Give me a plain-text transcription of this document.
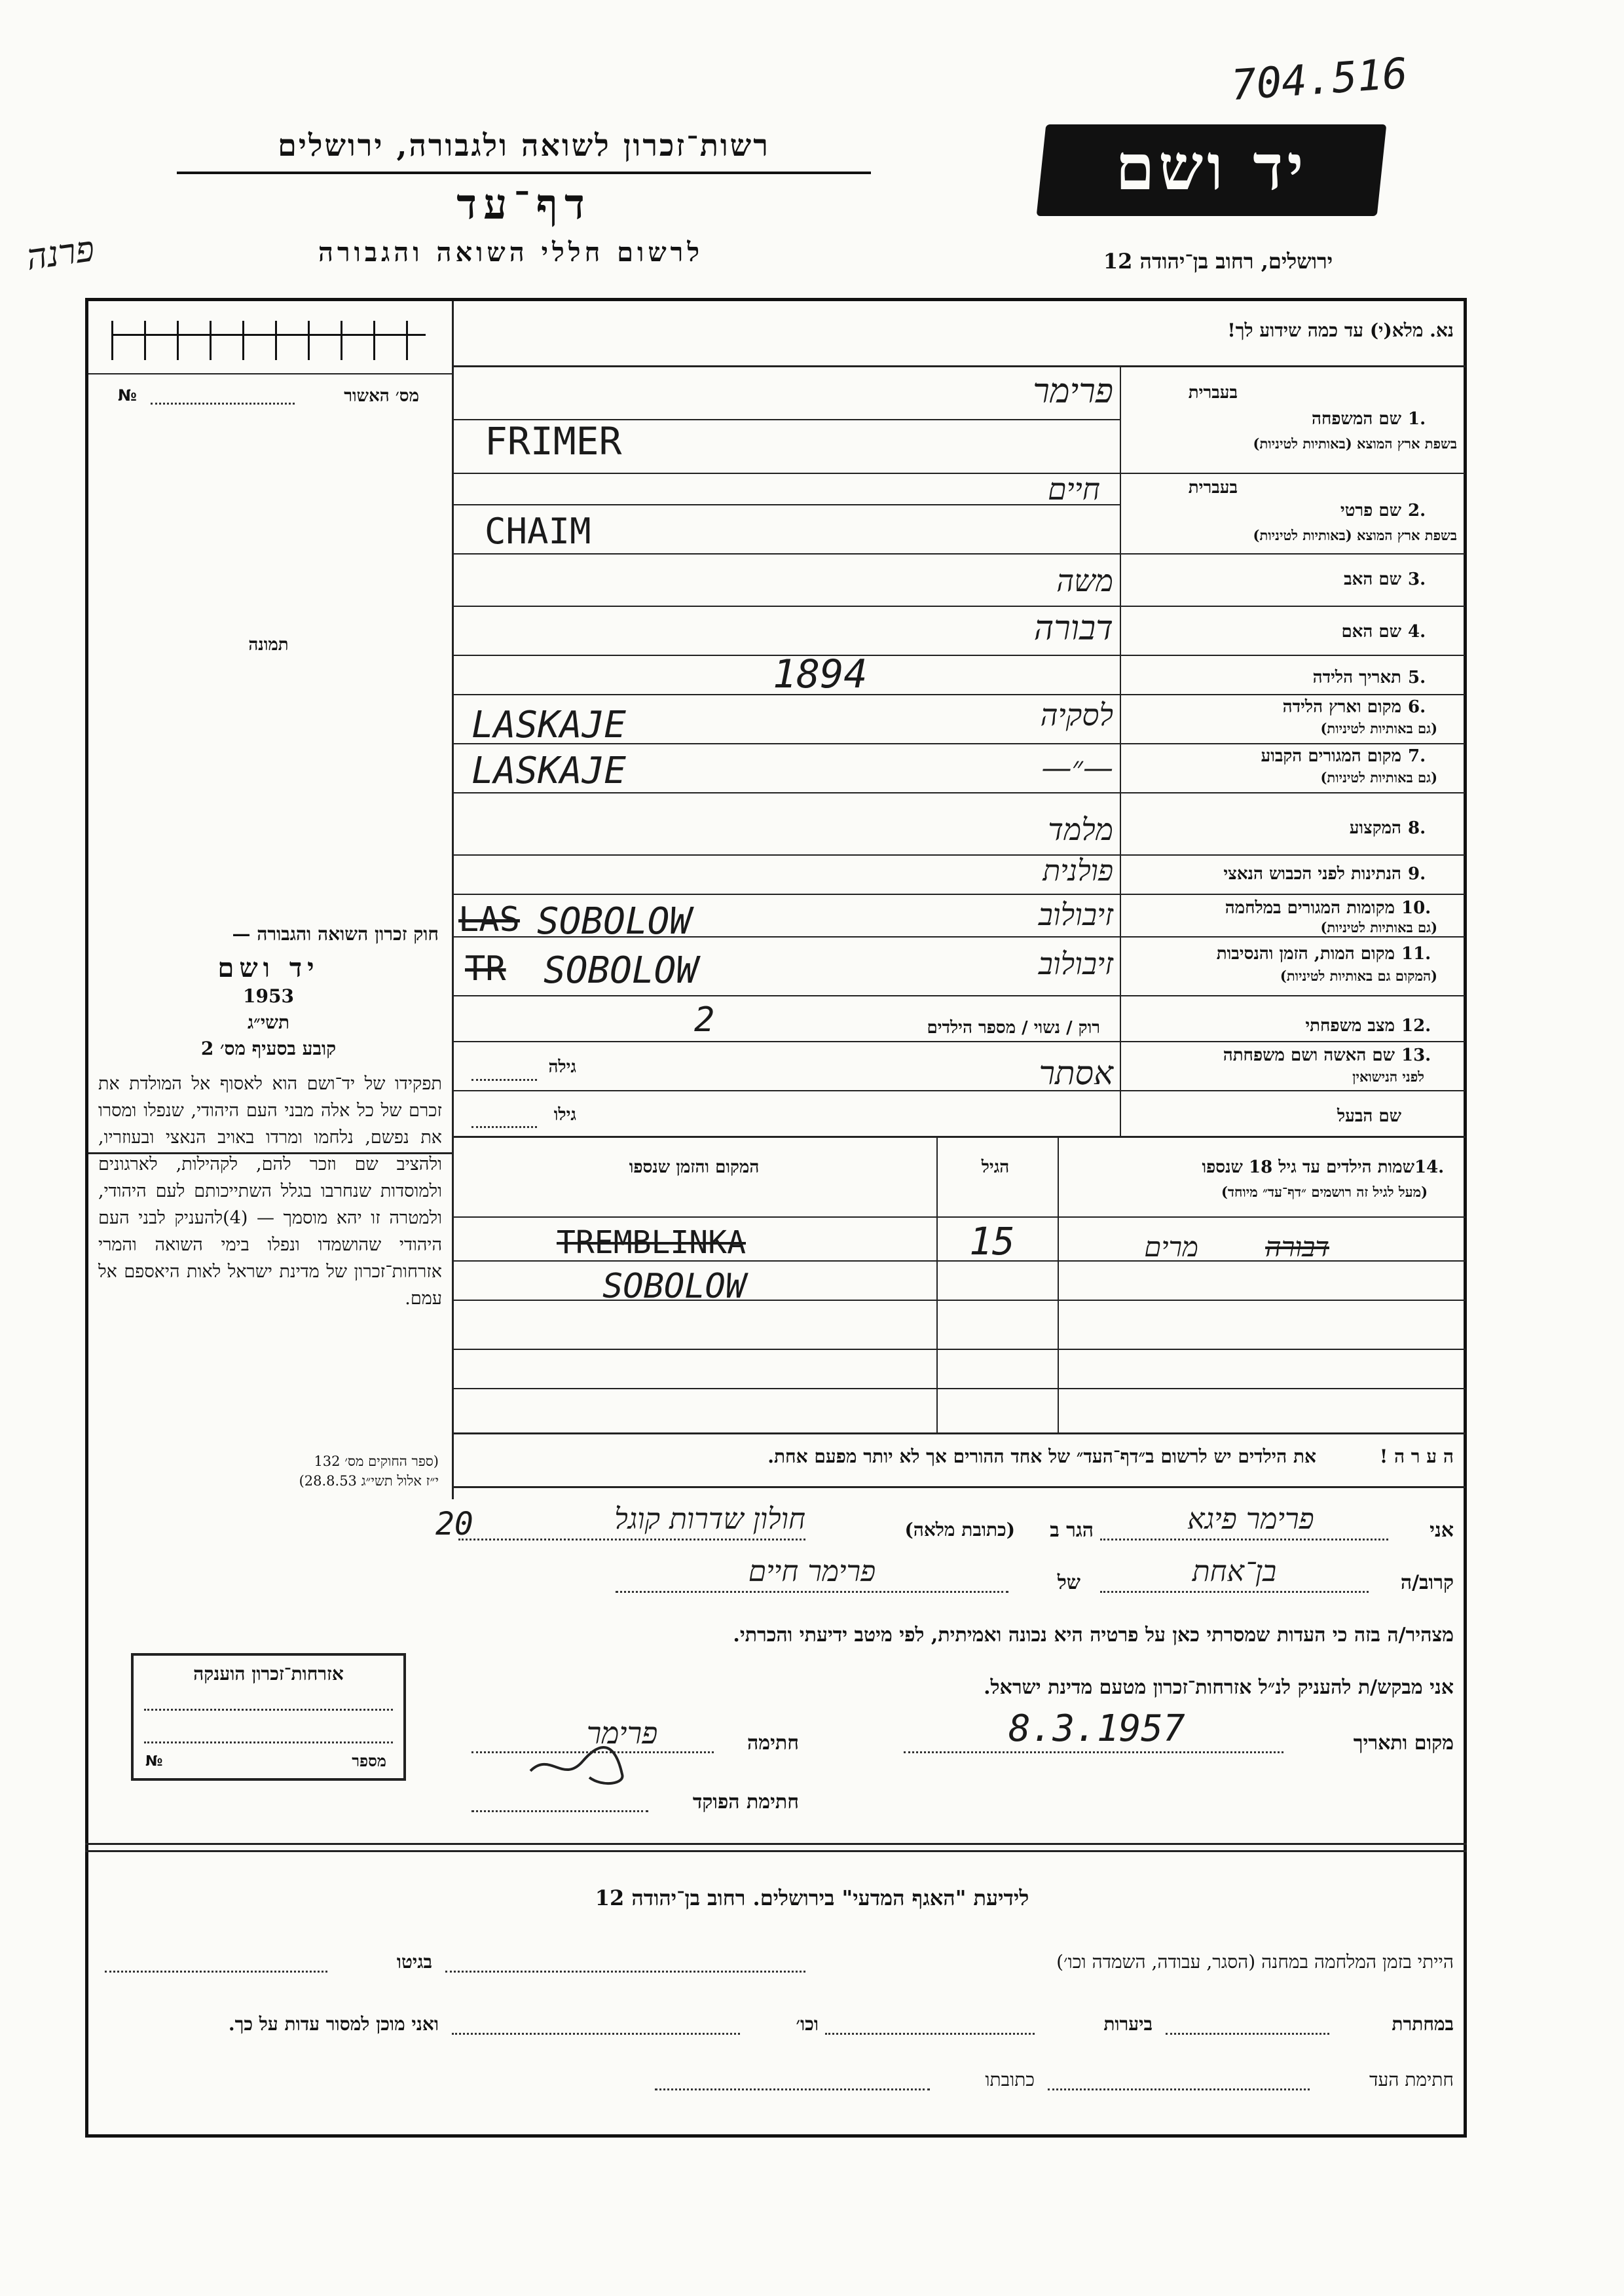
704.516
פרנה
רשות־זכרון לשואה ולגבורה, ירושלים
דף־עד
לרשום חללי השואה והגבורה
יד ושם
ירושלים, רחוב בן־יהודה 12
№	מס׳ האשור
תמונה
חוק זכרון השואה והגבורה —
יד ושם
תשי״ג
1953
קובע בסעיף מס׳ 2
תפקידו של יד־ושם הוא לאסוף אל המולדת את זכרם של כל אלה מבני העם היהודי, שנפלו ומסרו את נפשם, נלחמו ומרדו באויב הנאצי ובעוזריו, ולהציב שם וזכר להם, לקהילות, לארגונים ולמוסדות שנחרבו בגלל השתייכותם לעם היהודי, ולמטרה זו יהא מוסמך — (4)להעניק לבני העם היהודי שהושמדו ונפלו בימי השואה והמרי אזרחות־זכרון של מדינת ישראל לאות היאספם אל עמם.
(ספר החוקים מס׳ 132
י״ז אלול תשי״ג 28.8.53)
נא. מלא(י) עד כמה שידוע לך!
1.
שם המשפחה
בשפת ארץ המוצא (באותיות לטיניות)
בעברית
פרימר
FRIMER
2.
שם פרטי
בשפת ארץ המוצא (באותיות לטיניות)
בעברית
חיים
CHAIM
3.
שם האב
משה
4.
שם האם
דבורה
5.
תאריך הלידה
1894
6.
מקום וארץ הלידה
(גם באותיות לטיניות)
לסקיה
LASKAJE
7.
מקום המגורים הקבוע
(גם באותיות לטיניות)
—״—
LASKAJE
8.
המקצוע
מלמד
9.
הנתינות לפני הכבוש הנאצי
פולנית
10.
מקומות המגורים במלחמה
(גם באותיות לטיניות)
זיבולוב
LAS SOBOLOW
11.
מקום המות, הזמן והנסיבות
(המקום גם באותיות לטיניות)
זיבולוב
TR SOBOLOW
12.
מצב משפחתי
רוק / נשוי / מספר הילדים
2
13.
שם האשה ושם משפחתה
לפני הנישואין
אסתר
גילה
שם הבעל
גילו
14.
שמות הילדים עד גיל 18 שנספו
(מעל לגיל זה רושמים ״דף־עד״ מיוחד)
הגיל
המקום והזמן שנספו
דבורה
מרים
15
TREMBLINKA
SOBOLOW
ה ע ר ה !
את הילדים יש לרשום ב״דף־העד״ של אחד ההורים אך לא יותר מפעם אחת.
אני
פרימר פיגא
הגר ב
(כתובת מלאה)
חולון שדרות קוגל
20
קרוב/ה
בן־אחת
של
פרימר חיים
מצהיר/ה בזה כי העדות שמסרתי כאן על פרטיה היא נכונה ואמיתית, לפי מיטב ידיעתי והכרתי.
אני מבקש/ת להעניק לנ״ל אזרחות־זכרון מטעם מדינת ישראל.
מקום ותאריך
8.3.1957
חתימה
פרימר
חתימת הפוקד
אזרחות־זכרון הוענקה
№	מספר
לידיעת "האגף המדעי" בירושלים. רחוב בן־יהודה 12
הייתי בזמן המלחמה במחנה (הסגר, עבודה, השמדה וכו׳)
בגיטו
במחתרת
ביערות
וכו׳
ואני מוכן למסור עדות על כך.
חתימת העד
כתובתו
